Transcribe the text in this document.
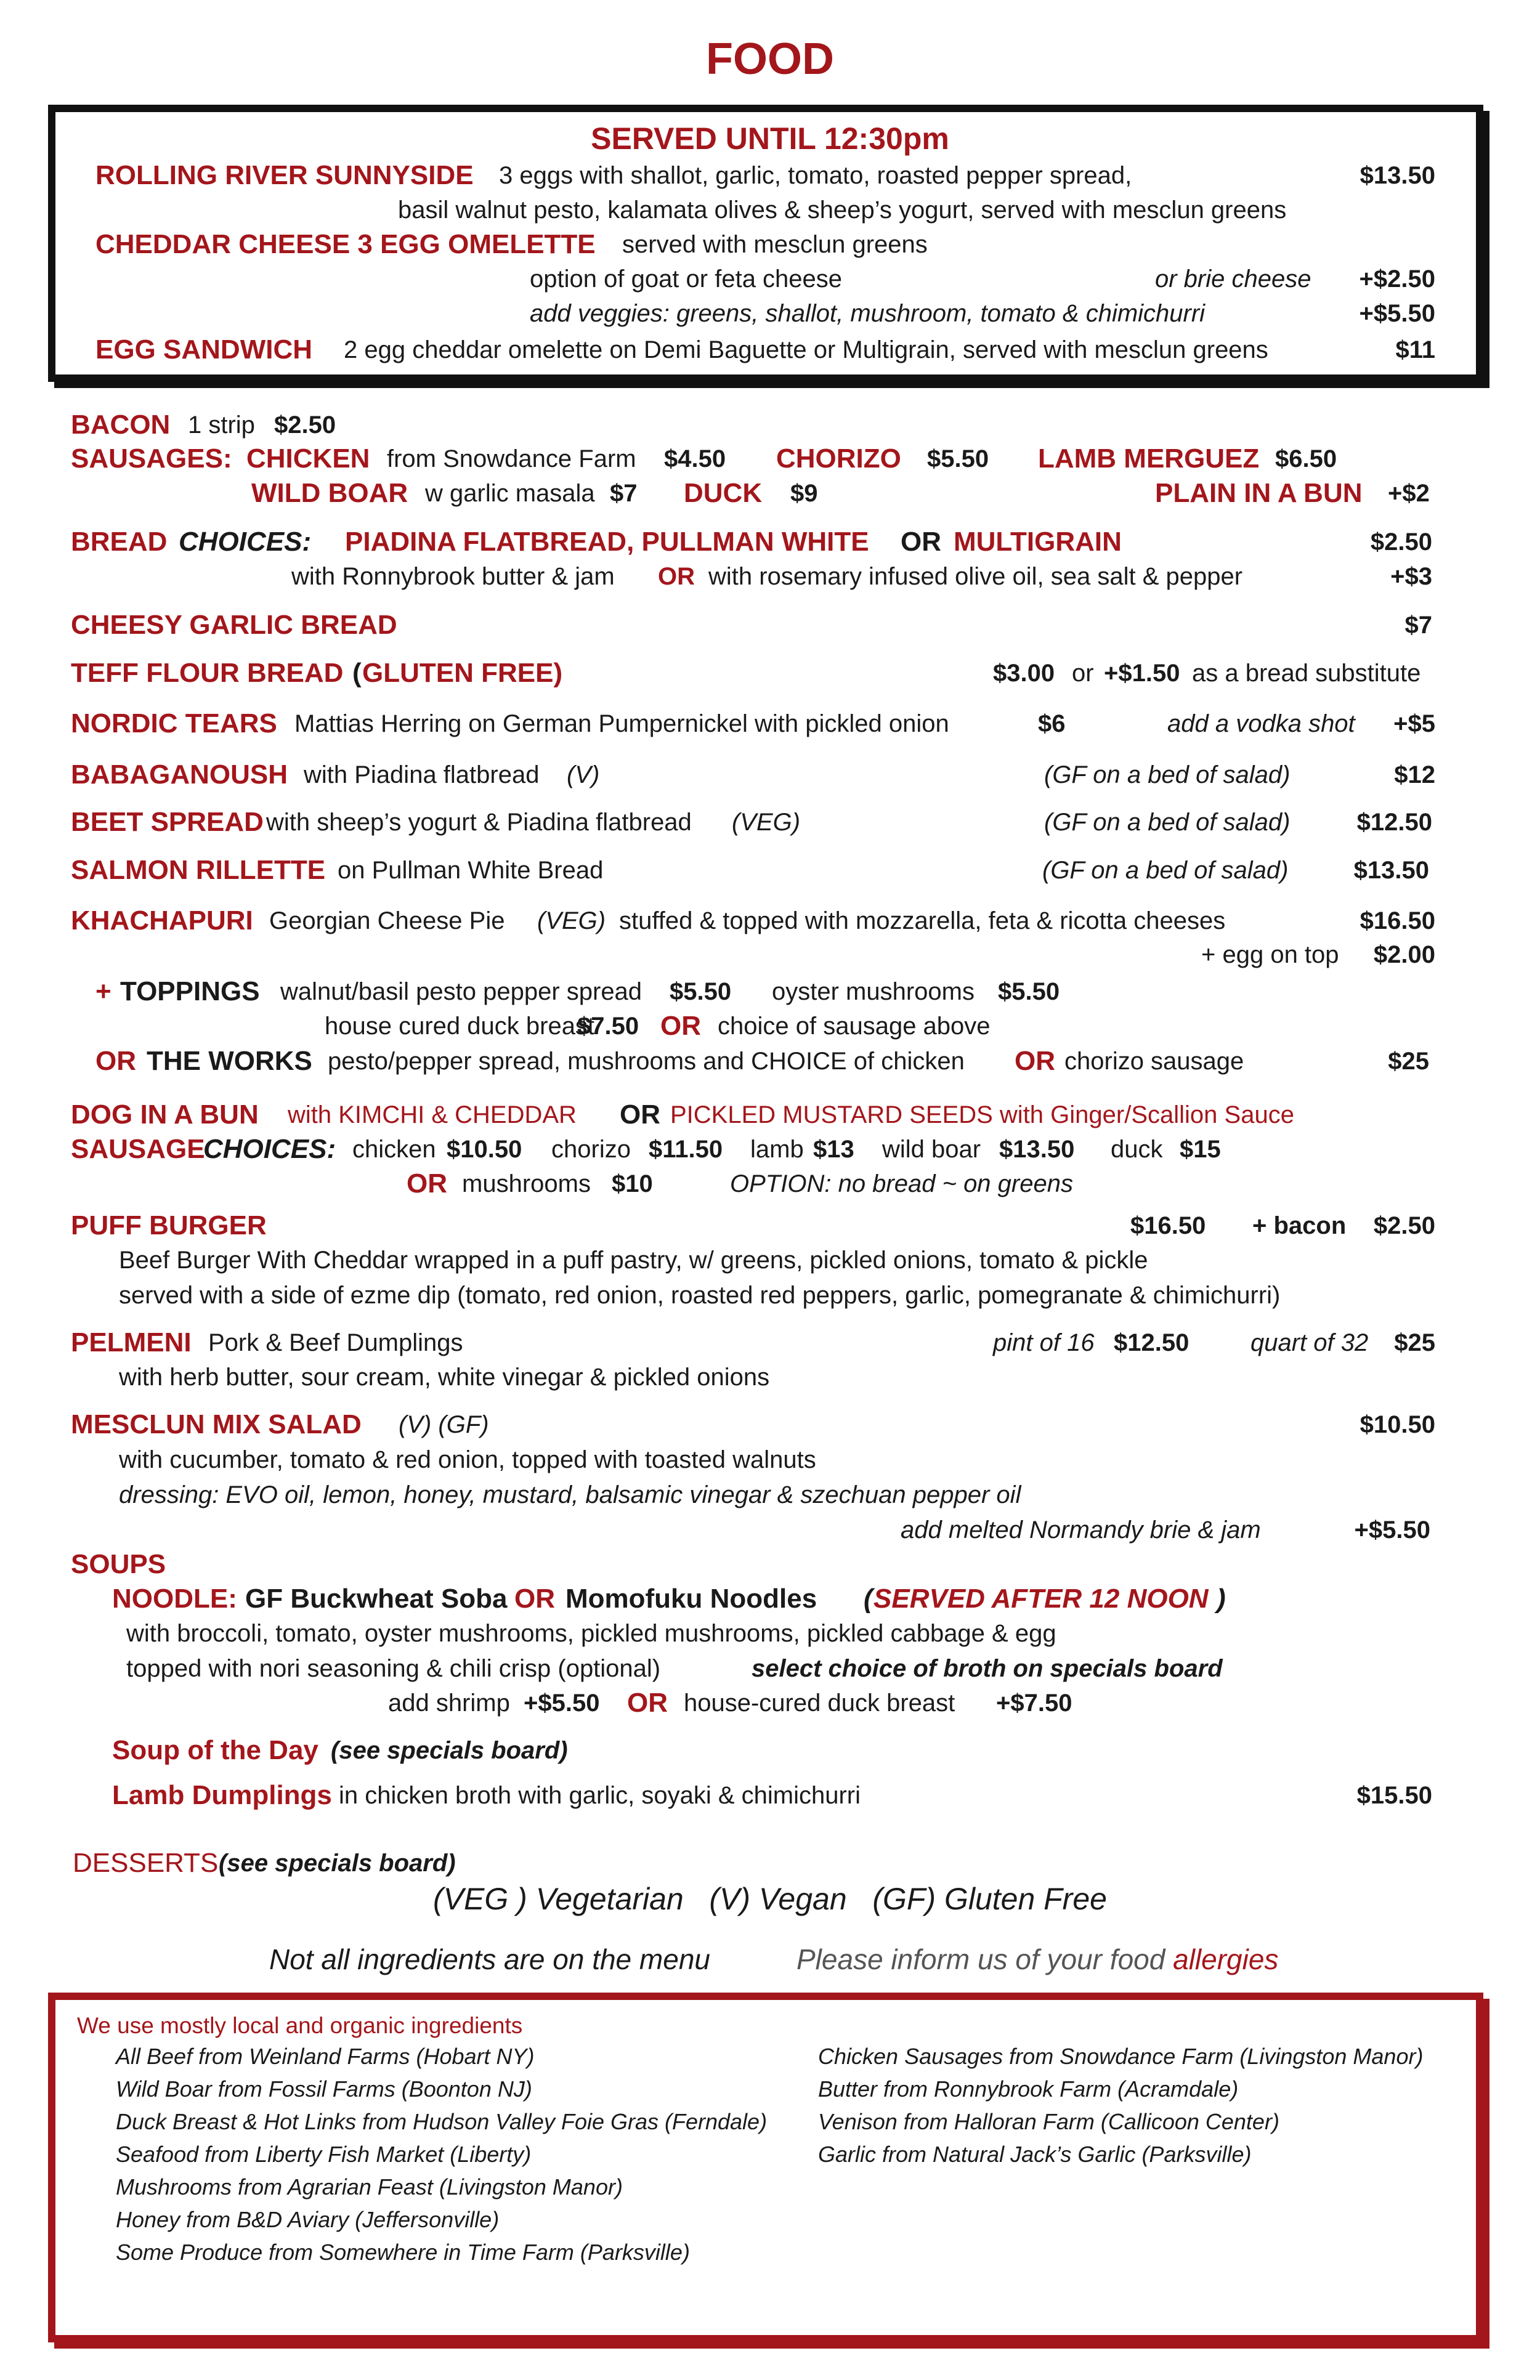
FOOD
SERVED UNTIL 12:30pm
ROLLING RIVER SUNNYSIDE 3 eggs with shallot, garlic, tomato, roasted pepper spread,	$13.50
basil walnut pesto, kalamata olives & sheep’s yogurt, served with mesclun greens
CHEDDAR CHEESE 3 EGG OMELETTE served with mesclun greens
option of goat or feta cheese	or brie cheese +$2.50
add veggies: greens, shallot, mushroom, tomato & chimichurri	+$5.50
EGG SANDWICH 2 egg cheddar omelette on Demi Baguette or Multigrain, served with mesclun greens	$11
BACON 1 strip $2.50
SAUSAGES: CHICKEN from Snowdance Farm $4.50 CHORIZO $5.50 LAMB MERGUEZ $6.50
WILD BOAR w garlic masala $7 DUCK $9	PLAIN IN A BUN +$2
BREAD CHOICES: PIADINA FLATBREAD, PULLMAN WHITE OR MULTIGRAIN	$2.50
with Ronnybrook butter & jam OR with rosemary infused olive oil, sea salt & pepper	+$3
CHEESY GARLIC BREAD	$7
TEFF FLOUR BREAD ( GLUTEN FREE)	$3.00 or +$1.50 as a bread substitute
NORDIC TEARS Mattias Herring on German Pumpernickel with pickled onion	$6	add a vodka shot +$5
BABAGANOUSH with Piadina flatbread (V)	(GF on a bed of salad)	$12
BEET SPREAD with sheep’s yogurt & Piadina flatbread (VEG)	(GF on a bed of salad)	$12.50
SALMON RILLETTE on Pullman White Bread	(GF on a bed of salad)	$13.50
KHACHAPURI Georgian Cheese Pie (VEG) stuffed & topped with mozzarella, feta & ricotta cheeses	$16.50
+ egg on top $2.00
+ TOPPINGS walnut/basil pesto pepper spread $5.50 oyster mushrooms $5.50
house cured duck breast
$7.50 OR choice of sausage above
OR THE WORKS pesto/pepper spread, mushrooms and CHOICE of chicken OR chorizo sausage	$25
DOG IN A BUN with KIMCHI & CHEDDAR OR PICKLED MUSTARD SEEDS with Ginger/Scallion Sauce
SAUSAGE
CHOICES: chicken $10.50 chorizo $11.50 lamb $13 wild boar $13.50 duck $15
OR mushrooms $10	OPTION: no bread ~ on greens
PUFF BURGER	$16.50 + bacon $2.50
Beef Burger With Cheddar wrapped in a puff pastry, w/ greens, pickled onions, tomato & pickle
served with a side of ezme dip (tomato, red onion, roasted red peppers, garlic, pomegranate & chimichurri)
PELMENI Pork & Beef Dumplings	pint of 16 $12.50 quart of 32 $25
with herb butter, sour cream, white vinegar & pickled onions
MESCLUN MIX SALAD (V) (GF)	$10.50
with cucumber, tomato & red onion, topped with toasted walnuts
dressing: EVO oil, lemon, honey, mustard, balsamic vinegar & szechuan pepper oil
add melted Normandy brie & jam	+$5.50
SOUPS
NOODLE: GF Buckwheat Soba OR Momofuku Noodles ( SERVED AFTER 12 NOON )
with broccoli, tomato, oyster mushrooms, pickled mushrooms, pickled cabbage & egg
topped with nori seasoning & chili crisp (optional)	select choice of broth on specials board
add shrimp +$5.50 OR house-cured duck breast +$7.50
Soup of the Day (see specials board)
Lamb Dumplings in chicken broth with garlic, soyaki & chimichurri	$15.50
DESSERTS (see specials board)
(VEG ) Vegetarian   (V) Vegan   (GF) Gluten Free
Not all ingredients are on the menu	Please inform us of your food allergies
We use mostly local and organic ingredients
All Beef from Weinland Farms (Hobart NY)
Wild Boar from Fossil Farms (Boonton NJ)
Duck Breast & Hot Links from Hudson Valley Foie Gras (Ferndale)
Seafood from Liberty Fish Market (Liberty)
Mushrooms from Agrarian Feast (Livingston Manor)
Honey from B&D Aviary (Jeffersonville)
Some Produce from Somewhere in Time Farm (Parksville)
Chicken Sausages from Snowdance Farm (Livingston Manor)
Butter from Ronnybrook Farm (Acramdale)
Venison from Halloran Farm (Callicoon Center)
Garlic from Natural Jack’s Garlic (Parksville)
